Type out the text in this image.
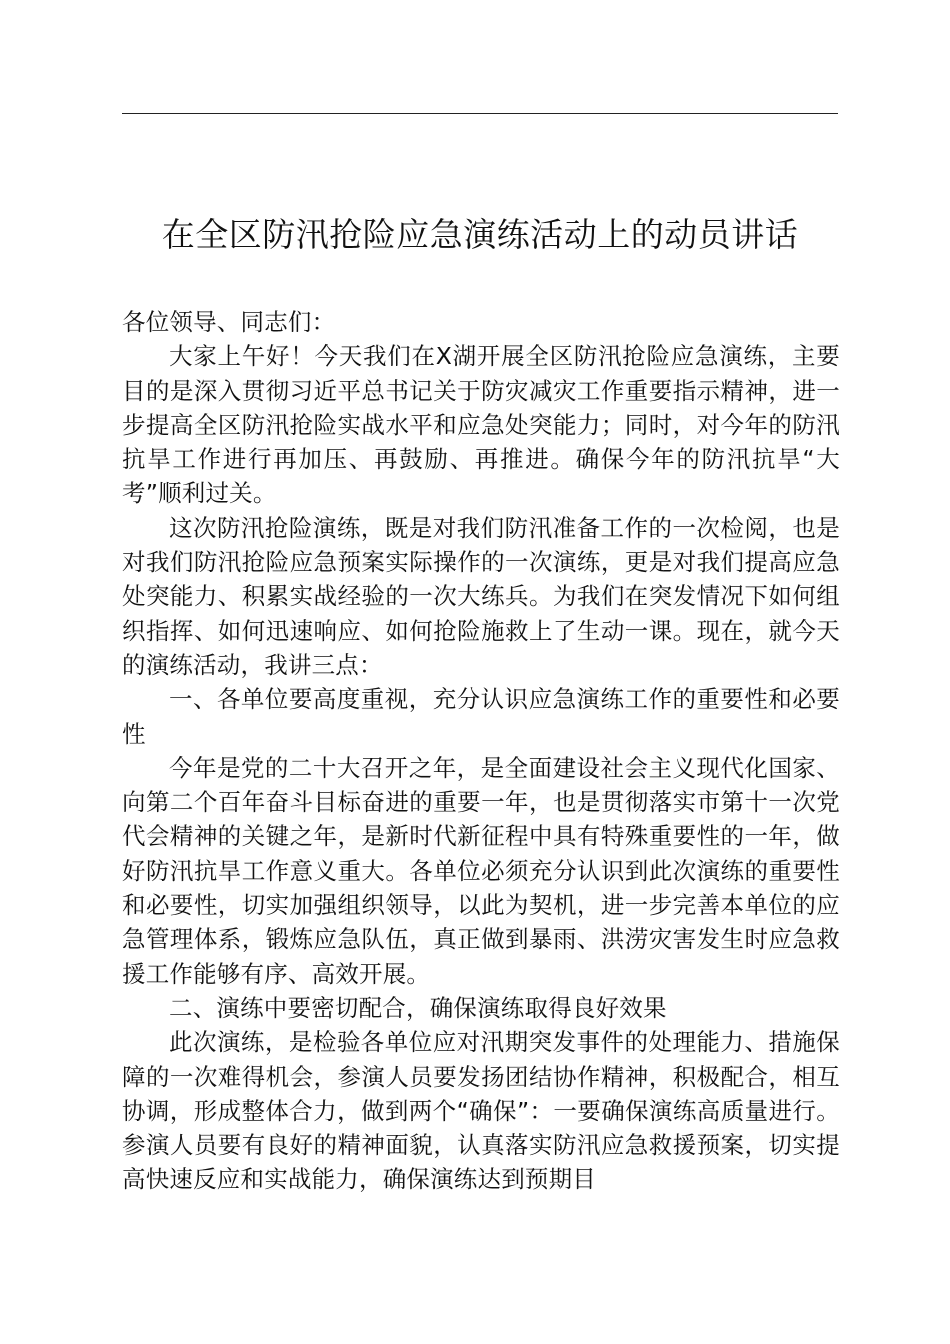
在全区防汛抢险应急演练活动上的动员讲话

各位领导、同志们：

大家上午好！今天我们在X湖开展全区防汛抢险应急演练，主要目的是深入贯彻习近平总书记关于防灾减灾工作重要指示精神，进一步提高全区防汛抢险实战水平和应急处突能力；同时，对今年的防汛抗旱工作进行再加压、再鼓励、再推进。确保今年的防汛抗旱“大考”顺利过关。

这次防汛抢险演练，既是对我们防汛准备工作的一次检阅，也是对我们防汛抢险应急预案实际操作的一次演练，更是对我们提高应急处突能力、积累实战经验的一次大练兵。为我们在突发情况下如何组织指挥、如何迅速响应、如何抢险施救上了生动一课。现在，就今天的演练活动，我讲三点：

一、各单位要高度重视，充分认识应急演练工作的重要性和必要性

今年是党的二十大召开之年，是全面建设社会主义现代化国家、向第二个百年奋斗目标奋进的重要一年，也是贯彻落实市第十一次党代会精神的关键之年，是新时代新征程中具有特殊重要性的一年，做好防汛抗旱工作意义重大。各单位必须充分认识到此次演练的重要性和必要性，切实加强组织领导，以此为契机，进一步完善本单位的应急管理体系，锻炼应急队伍，真正做到暴雨、洪涝灾害发生时应急救援工作能够有序、高效开展。

二、演练中要密切配合，确保演练取得良好效果

此次演练，是检验各单位应对汛期突发事件的处理能力、措施保障的一次难得机会，参演人员要发扬团结协作精神，积极配合，相互协调，形成整体合力，做到两个“确保”：一要确保演练高质量进行。参演人员要有良好的精神面貌，认真落实防汛应急救援预案，切实提高快速反应和实战能力，确保演练达到预期目
